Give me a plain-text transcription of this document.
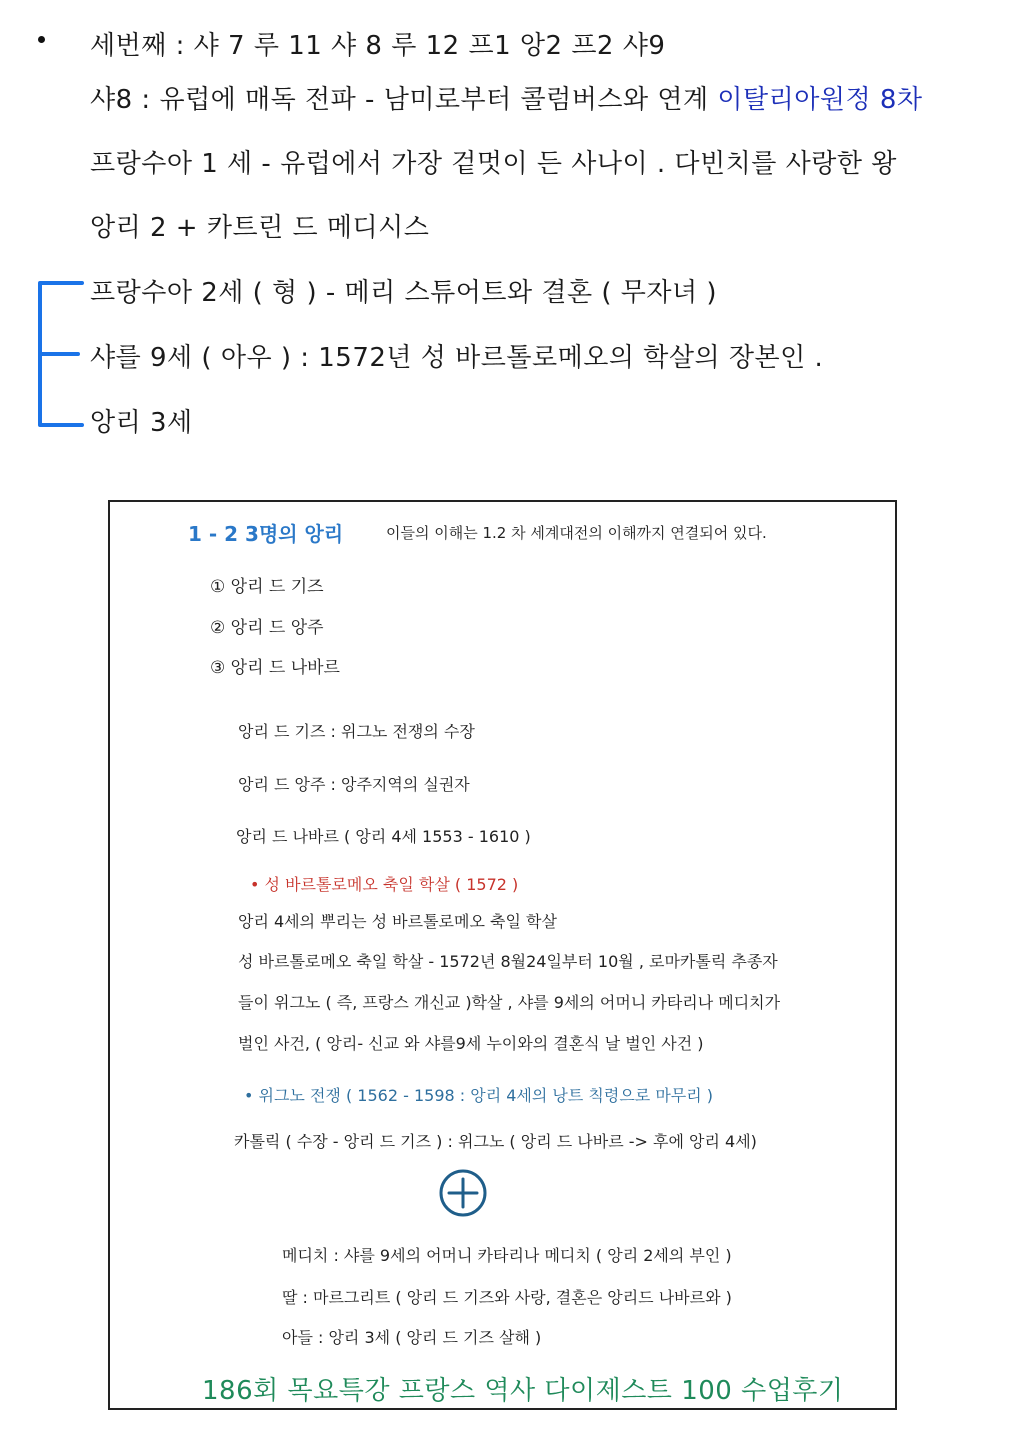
세번째 : 샤 7 루 11 샤 8 루 12 프1 앙2 프2 샤9
샤8 : 유럽에 매독 전파 - 남미로부터 콜럼버스와 연계 이탈리아원정 8차
프랑수아 1 세 - 유럽에서 가장 겉멋이 든 사나이 . 다빈치를 사랑한 왕
앙리 2 + 카트린 드 메디시스
프랑수아 2세 ( 형 ) - 메리 스튜어트와 결혼 ( 무자녀 )
샤를 9세 ( 아우 ) : 1572년 성 바르톨로메오의 학살의 장본인 .
앙리 3세
1 - 2 3명의 앙리	이들의 이해는 1.2 차 세계대전의 이해까지 연결되어 있다.
① 앙리 드 기즈
② 앙리 드 앙주
③ 앙리 드 나바르
앙리 드 기즈 : 위그노 전쟁의 수장
앙리 드 앙주 : 앙주지역의 실권자
앙리 드 나바르 ( 앙리 4세 1553 - 1610 )
• 성 바르톨로메오 축일 학살 ( 1572 )
앙리 4세의 뿌리는 성 바르톨로메오 축일 학살
성 바르톨로메오 축일 학살 - 1572년 8월24일부터 10월 , 로마카톨릭 추종자
들이 위그노 ( 즉, 프랑스 개신교 )학살 , 샤를 9세의 어머니 카타리나 메디치가
벌인 사건, ( 앙리- 신교 와 샤를9세 누이와의 결혼식 날 벌인 사건 )
• 위그노 전쟁 ( 1562 - 1598 : 앙리 4세의 낭트 칙령으로 마무리 )
카톨릭 ( 수장 - 앙리 드 기즈 ) : 위그노 ( 앙리 드 나바르 -> 후에 앙리 4세)
메디치 : 샤를 9세의 어머니 카타리나 메디치 ( 앙리 2세의 부인 )
딸 : 마르그리트 ( 앙리 드 기즈와 사랑, 결혼은 앙리드 나바르와 )
아들 : 앙리 3세 ( 앙리 드 기즈 살해 )
186회 목요특강 프랑스 역사 다이제스트 100 수업후기
